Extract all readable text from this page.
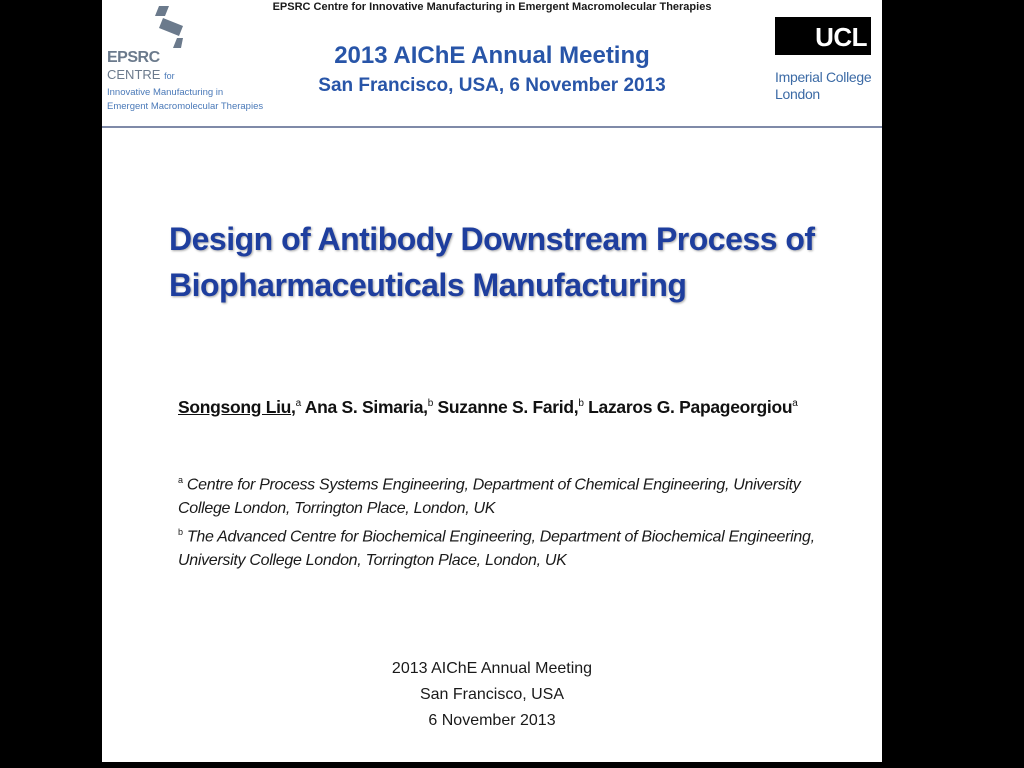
EPSRC Centre for Innovative Manufacturing in Emergent Macromolecular Therapies
EPSRC
CENTRE for
Innovative Manufacturing in
Emergent Macromolecular Therapies
2013 AIChE Annual Meeting
San Francisco, USA, 6 November 2013
UCL
Imperial College
London
Design of Antibody Downstream Process of
Biopharmaceuticals Manufacturing
Songsong Liu,$^a$ Ana S. Simaria,$^b$ Suzanne S. Farid,$^b$ Lazaros G. Papageorgiou$^a$
$^a$ Centre for Process Systems Engineering, Department of Chemical Engineering, University College London, Torrington Place, London, UK
$^b$ The Advanced Centre for Biochemical Engineering, Department of Biochemical Engineering, University College London, Torrington Place, London, UK
2013 AIChE Annual Meeting
San Francisco, USA
6 November 2013
